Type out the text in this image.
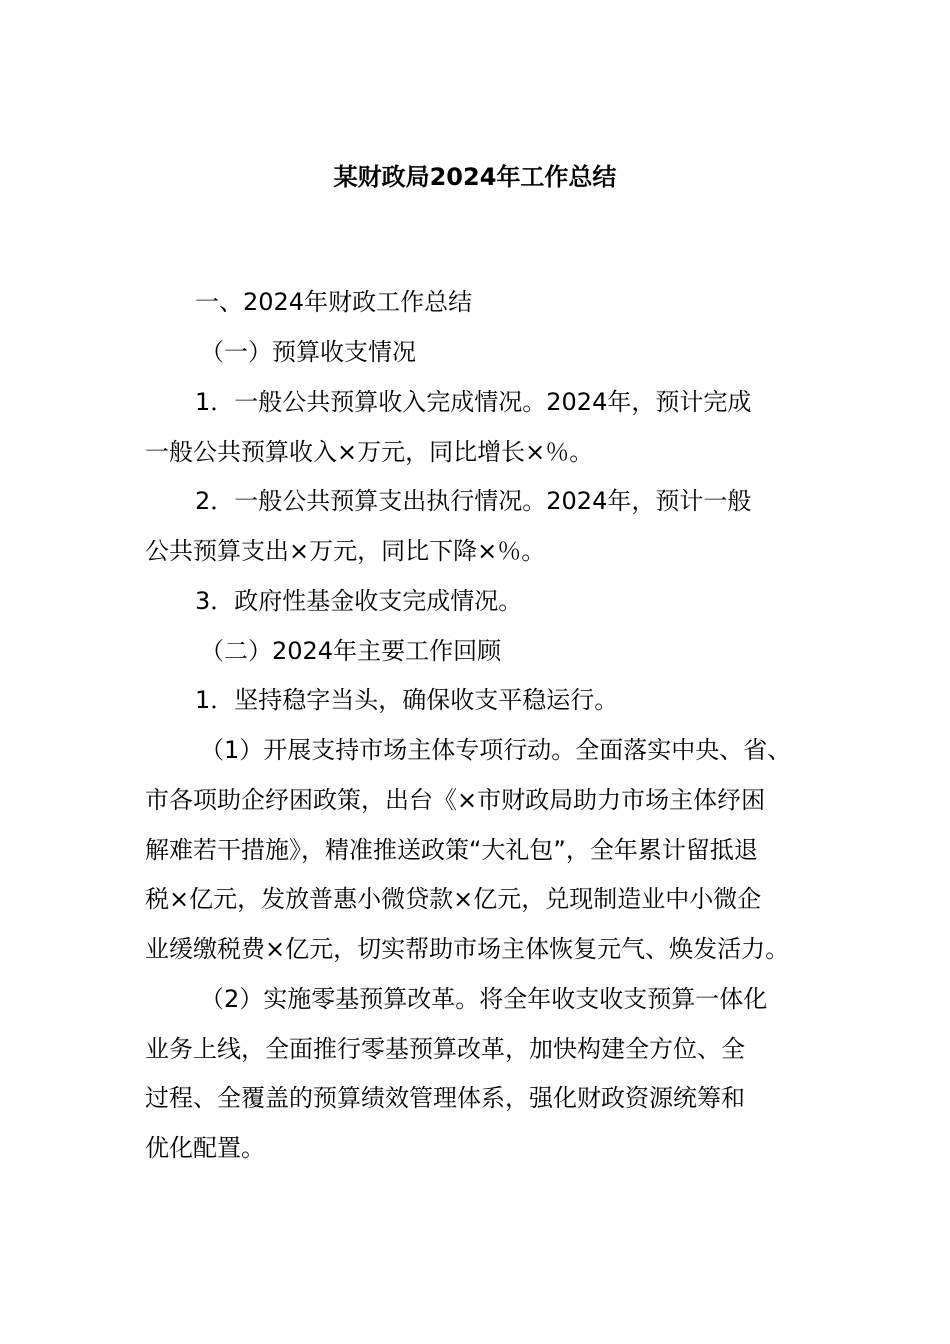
某财政局2024年工作总结
一、2024年财政工作总结
（一）预算收支情况
1．一般公共预算收入完成情况。2024年，预计完成
一般公共预算收入×万元，同比增长×％。
2．一般公共预算支出执行情况。2024年，预计一般
公共预算支出×万元，同比下降×％。
3．政府性基金收支完成情况。
（二）2024年主要工作回顾
1．坚持稳字当头，确保收支平稳运行。
（1）开展支持市场主体专项行动。全面落实中央、省、
市各项助企纾困政策，出台《×市财政局助力市场主体纾困
解难若干措施》，精准推送政策“大礼包”，全年累计留抵退
税×亿元，发放普惠小微贷款×亿元，兑现制造业中小微企
业缓缴税费×亿元，切实帮助市场主体恢复元气、焕发活力。
（2）实施零基预算改革。将全年收支收支预算一体化
业务上线，全面推行零基预算改革，加快构建全方位、全
过程、全覆盖的预算绩效管理体系，强化财政资源统筹和
优化配置。
